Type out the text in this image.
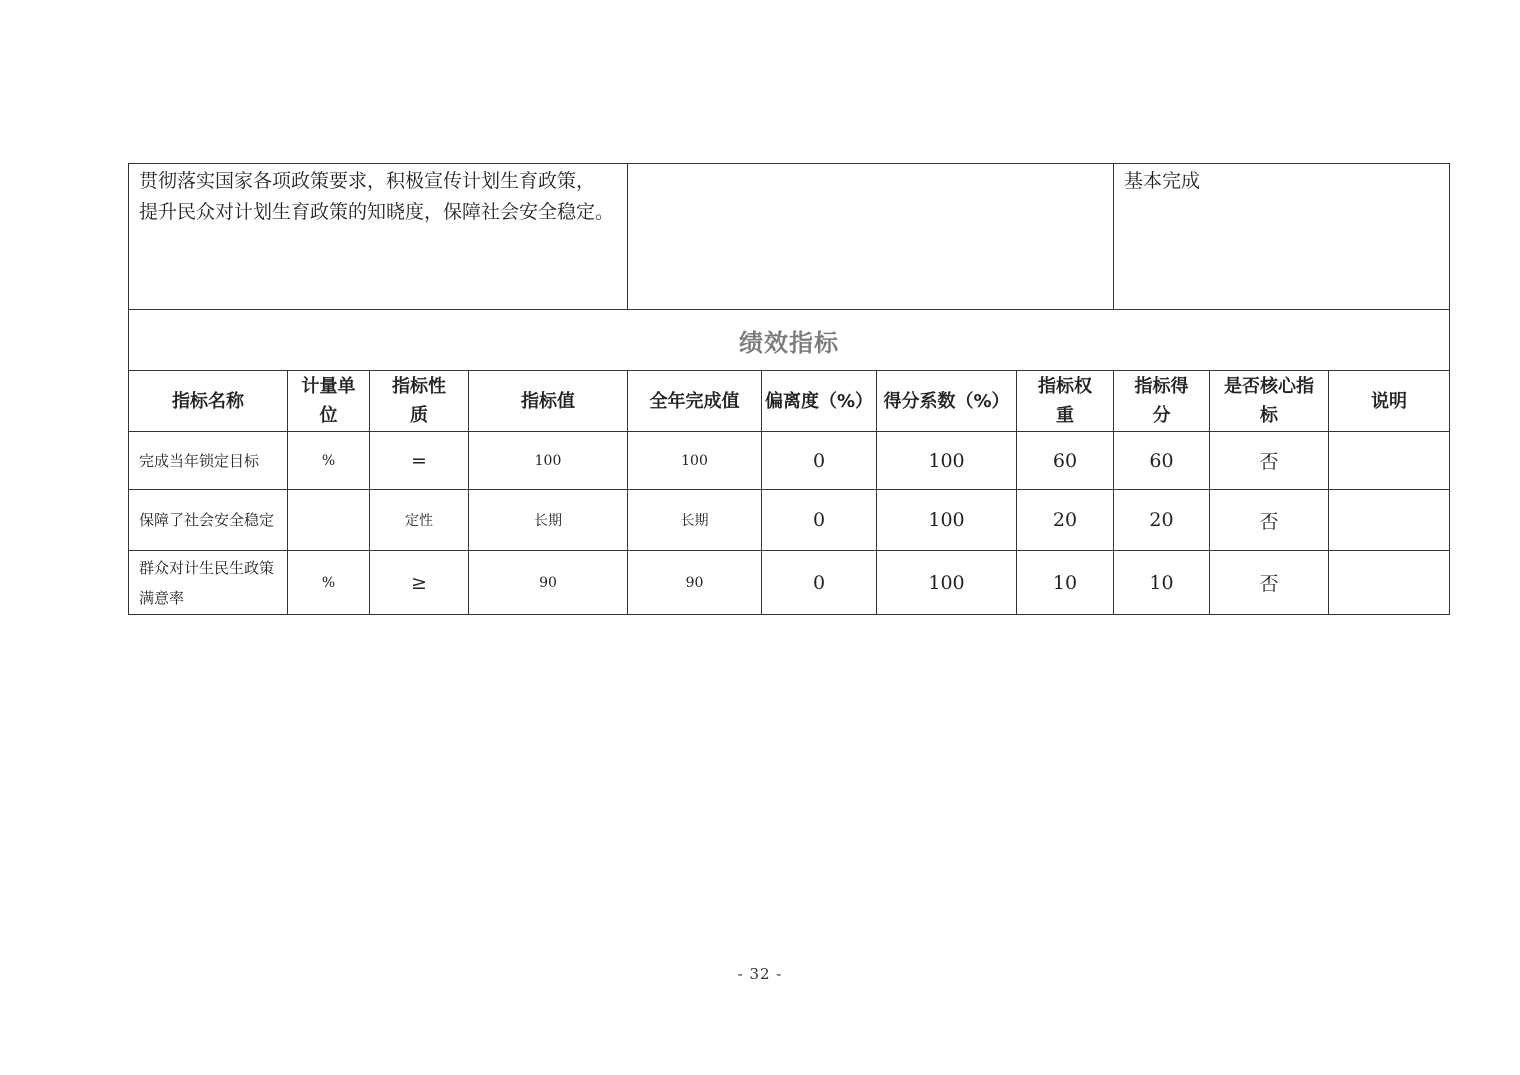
贯彻落实国家各项政策要求，积极宣传计划生育政策，
提升民众对计划生育政策的知晓度，保障社会安全稳定。								基本完成		

绩效指标										
指标名称	计量单位	指标性质	指标值	全年完成值	偏离度（%）	得分系数（%）	指标权重	指标得分	是否核心指标	说明
完成当年锁定目标	%	=	100	100	0	100	60	60	否	
保障了社会安全稳定		定性	长期	长期	0	100	20	20	否	
群众对计生民生政策满意率	%	≥	90	90	0	100	10	10	否	
- 32 -
